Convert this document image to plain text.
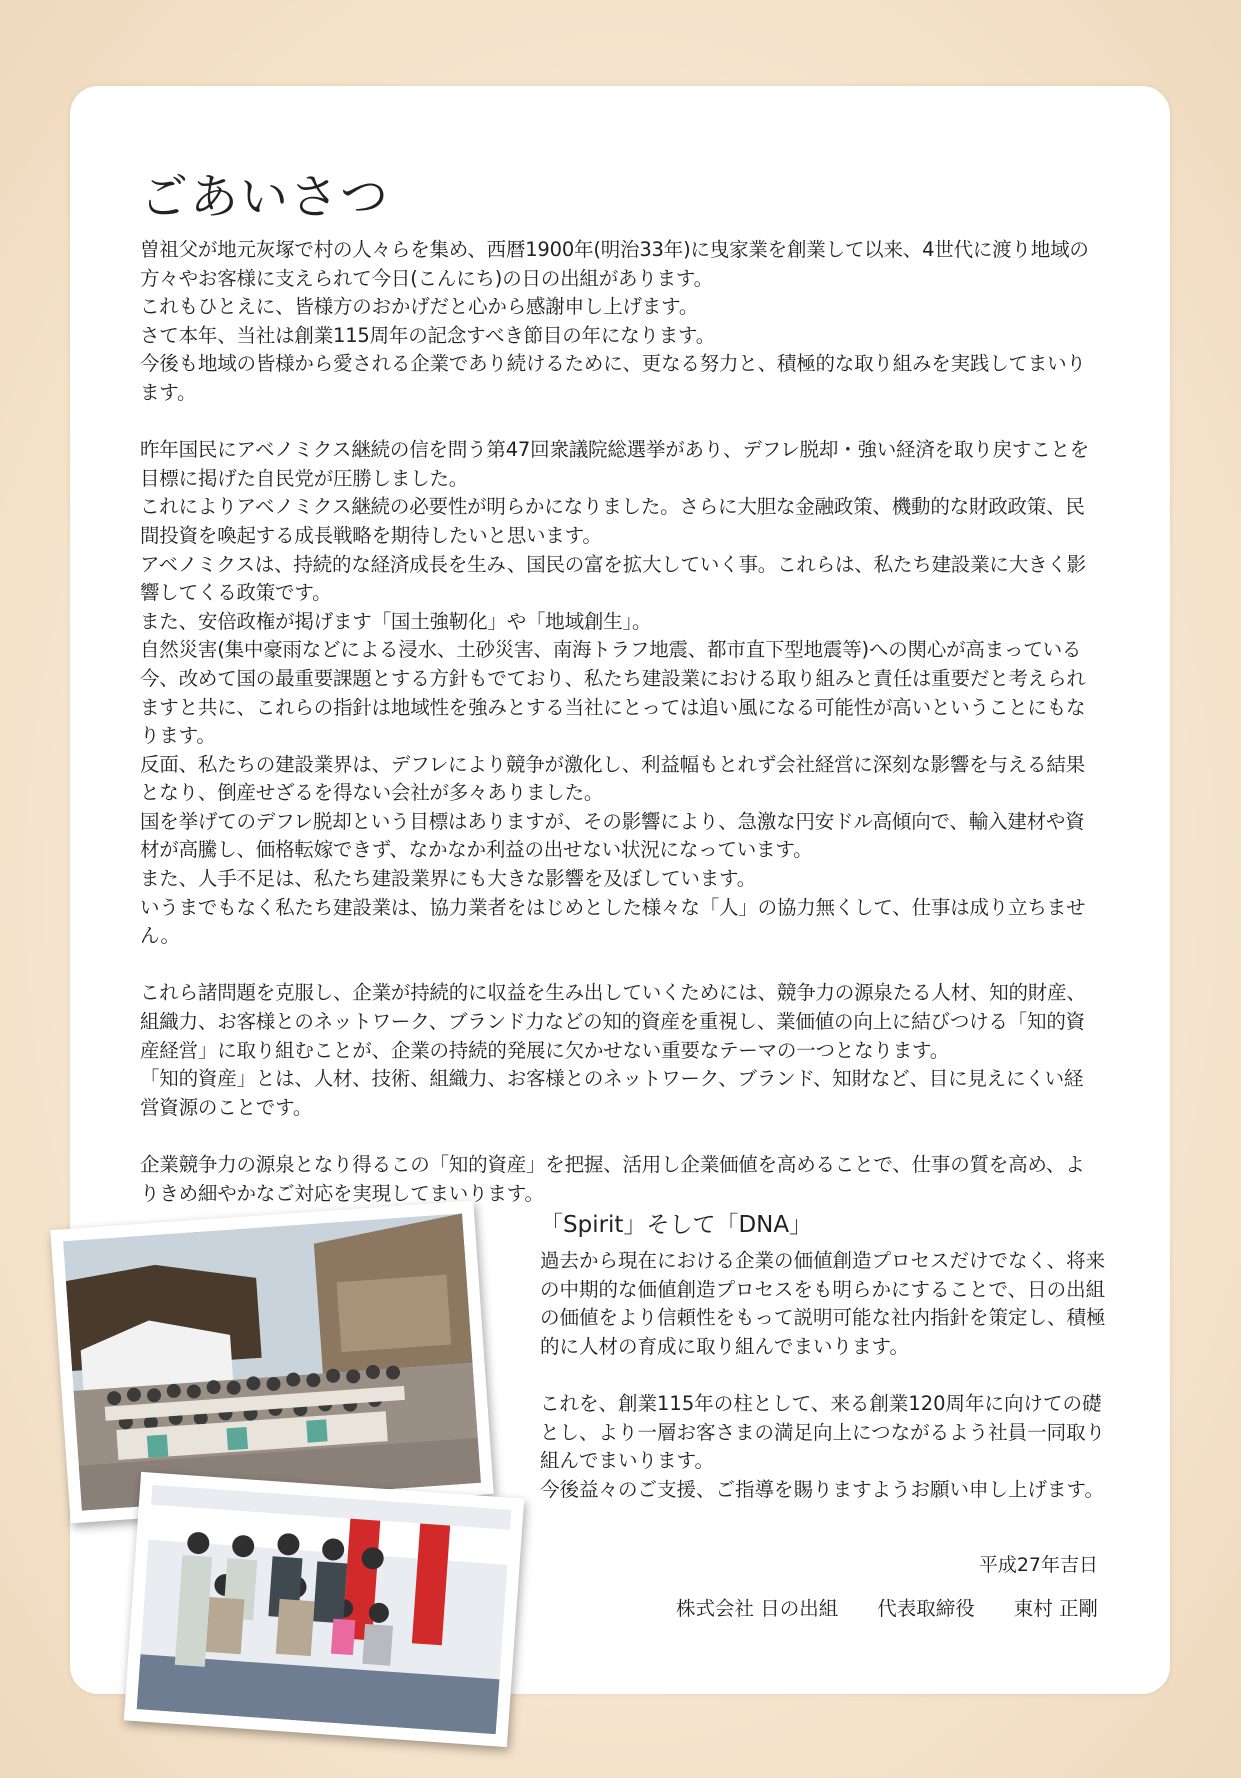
ごあいさつ

曽祖父が地元灰塚で村の人々らを集め、西暦1900年(明治33年)に曳家業を創業して以来、4世代に渡り地域の方々やお客様に支えられて今日(こんにち)の日の出組があります。

これもひとえに、皆様方のおかげだと心から感謝申し上げます。

さて本年、当社は創業115周年の記念すべき節目の年になります。

今後も地域の皆様から愛される企業であり続けるために、更なる努力と、積極的な取り組みを実践してまいります。

昨年国民にアベノミクス継続の信を問う第47回衆議院総選挙があり、デフレ脱却・強い経済を取り戻すことを目標に掲げた自民党が圧勝しました。

これによりアベノミクス継続の必要性が明らかになりました。さらに大胆な金融政策、機動的な財政政策、民間投資を喚起する成長戦略を期待したいと思います。

アベノミクスは、持続的な経済成長を生み、国民の富を拡大していく事。これらは、私たち建設業に大きく影響してくる政策です。

また、安倍政権が掲げます「国土強靭化」や「地域創生」。

自然災害(集中豪雨などによる浸水、土砂災害、南海トラフ地震、都市直下型地震等)への関心が高まっている今、改めて国の最重要課題とする方針もでており、私たち建設業における取り組みと責任は重要だと考えられますと共に、これらの指針は地域性を強みとする当社にとっては追い風になる可能性が高いということにもなります。

反面、私たちの建設業界は、デフレにより競争が激化し、利益幅もとれず会社経営に深刻な影響を与える結果となり、倒産せざるを得ない会社が多々ありました。

国を挙げてのデフレ脱却という目標はありますが、その影響により、急激な円安ドル高傾向で、輸入建材や資材が高騰し、価格転嫁できず、なかなか利益の出せない状況になっています。

また、人手不足は、私たち建設業界にも大きな影響を及ぼしています。

いうまでもなく私たち建設業は、協力業者をはじめとした様々な「人」の協力無くして、仕事は成り立ちません。

これら諸問題を克服し、企業が持続的に収益を生み出していくためには、競争力の源泉たる人材、知的財産、組織力、お客様とのネットワーク、ブランド力などの知的資産を重視し、業価値の向上に結びつける「知的資産経営」に取り組むことが、企業の持続的発展に欠かせない重要なテーマの一つとなります。

「知的資産」とは、人材、技術、組織力、お客様とのネットワーク、ブランド、知財など、目に見えにくい経営資源のことです。

企業競争力の源泉となり得るこの「知的資産」を把握、活用し企業価値を高めることで、仕事の質を高め、よりきめ細やかなご対応を実現してまいります。

「Spirit」そして「DNA」

過去から現在における企業の価値創造プロセスだけでなく、将来の中期的な価値創造プロセスをも明らかにすることで、日の出組の価値をより信頼性をもって説明可能な社内指針を策定し、積極的に人材の育成に取り組んでまいります。

これを、創業115年の柱として、来る創業120周年に向けての礎とし、より一層お客さまの満足向上につながるよう社員一同取り組んでまいります。

今後益々のご支援、ご指導を賜りますようお願い申し上げます。

平成27年吉日
株式会社 日の出組　　 代表取締役　　 東村 正剛
